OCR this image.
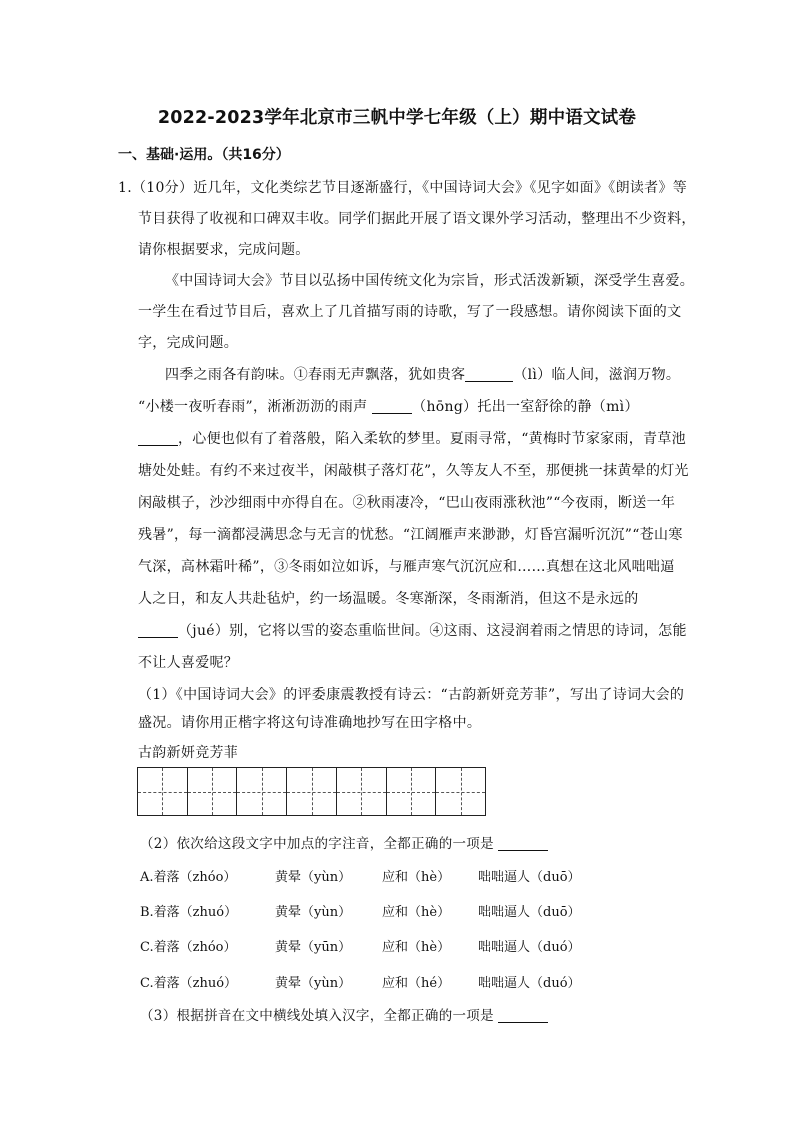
2022-2023学年北京市三帆中学七年级（上）期中语文试卷
一、基础·运用。（共16分）
1.（10分）近几年，文化类综艺节目逐渐盛行，《中国诗词大会》《见字如面》《朗读者》等
节目获得了收视和口碑双丰收。同学们据此开展了语文课外学习活动，整理出不少资料，
请你根据要求，完成问题。
《中国诗词大会》节目以弘扬中国传统文化为宗旨，形式活泼新颖，深受学生喜爱。
一学生在看过节目后，喜欢上了几首描写雨的诗歌，写了一段感想。请你阅读下面的文
字，完成问题。
四季之雨各有韵味。①春雨无声飘落，犹如贵客	（lì）临人间，滋润万物。
“小楼一夜听春雨”，淅淅沥沥的雨声	（hōng）托出一室舒徐的静（mì）
，心便也似有了着落般，陷入柔软的梦里。夏雨寻常，“黄梅时节家家雨，青草池
塘处处蛙。有约不来过夜半，闲敲棋子落灯花”，久等友人不至，那便挑一抹黄晕的灯光
闲敲棋子，沙沙细雨中亦得自在。②秋雨凄冷，“巴山夜雨涨秋池”“今夜雨，断送一年
残暑”，每一滴都浸满思念与无言的忧愁。“江阔雁声来渺渺，灯昏宫漏听沉沉”“苍山寒
气深，高林霜叶稀”，③冬雨如泣如诉，与雁声寒气沉沉应和……真想在这北风咄咄逼
人之日，和友人共赴毡炉，约一场温暖。冬寒渐深，冬雨渐消，但这不是永远的
（jué）别，它将以雪的姿态重临世间。④这雨、这浸润着雨之情思的诗词，怎能
不让人喜爱呢？
（1）《中国诗词大会》的评委康震教授有诗云：“古韵新妍竞芳菲”，写出了诗词大会的
盛况。请你用正楷字将这句诗准确地抄写在田字格中。
古韵新妍竞芳菲
（2）依次给这段文字中加点的字注音，全都正确的一项是
A.着落（zhóo）	黄晕（yùn） 应和（hè） 咄咄逼人（duō）
B.着落（zhuó）	黄晕（yùn） 应和（hè） 咄咄逼人（duō）
C.着落（zhóo）	黄晕（yūn） 应和（hè） 咄咄逼人（duó）
C.着落（zhuó）	黄晕（yùn） 应和（hé） 咄咄逼人（duó）
（3）根据拼音在文中横线处填入汉字，全都正确的一项是
